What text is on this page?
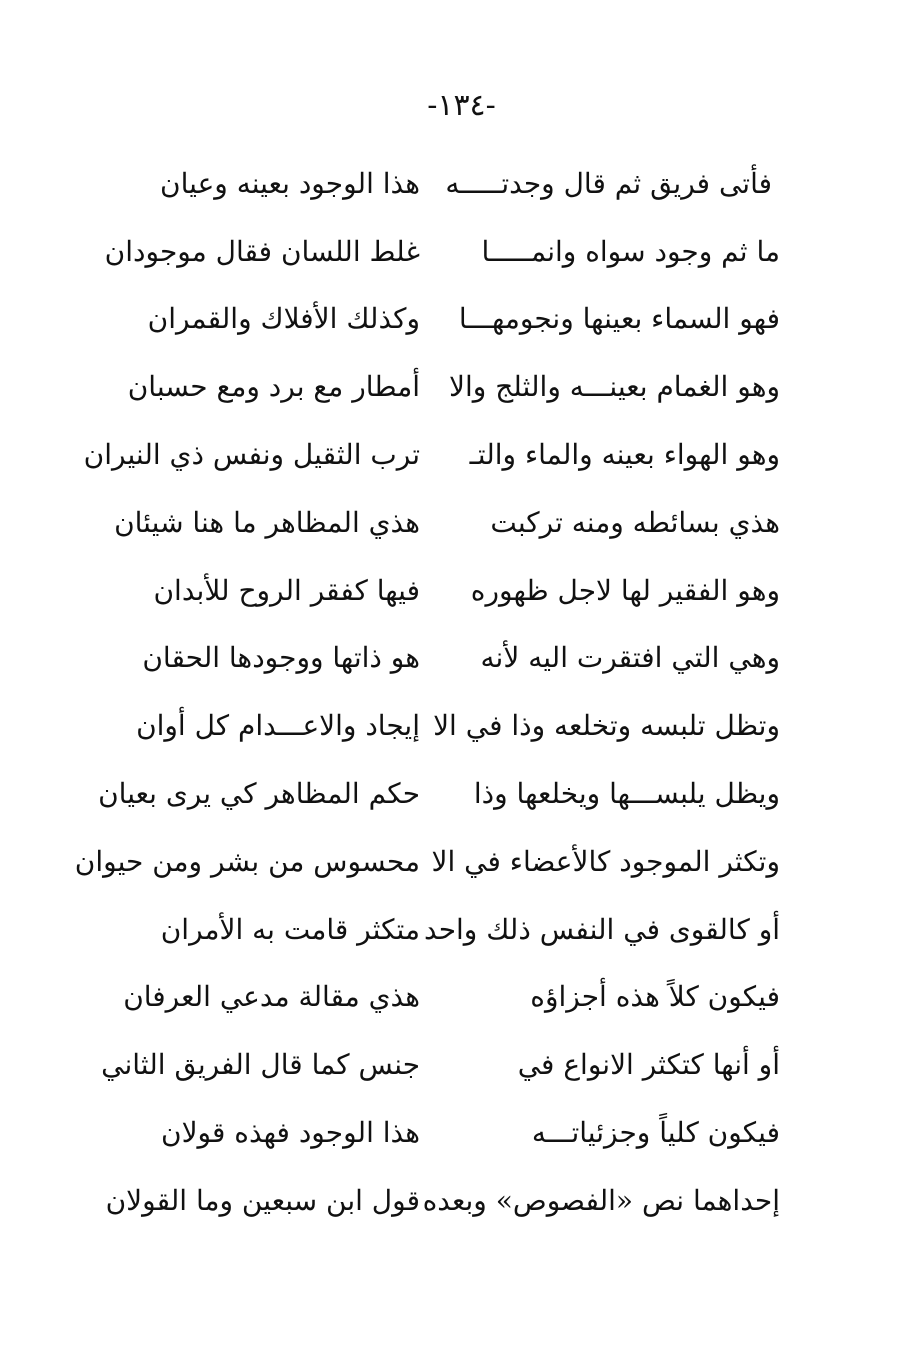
-١٣٤-
فأتى فريق ثم قال وجدتـــــه
هذا الوجود بعينه وعيان
ما ثم وجود سواه وانمـــــا
غلط اللسان فقال موجودان
فهو السماء بعينها ونجومهـــا
وكذلك الأفلاك والقمران
وهو الغمام بعينـــه والثلج والا
أمطار مع برد ومع حسبان
وهو الهواء بعينه والماء والتـ
ترب الثقيل ونفس ذي النيران
هذي بسائطه ومنه تركبت
هذي المظاهر ما هنا شيئان
وهو الفقير لها لاجل ظهوره
فيها كفقر الروح للأبدان
وهي التي افتقرت اليه لأنه
هو ذاتها ووجودها الحقان
وتظل تلبسه وتخلعه وذا في الا
إيجاد والاعـــدام كل أوان
ويظل يلبســـها ويخلعها وذا
حكم المظاهر كي يرى بعيان
وتكثر الموجود كالأعضاء في الا
محسوس من بشر ومن حيوان
أو كالقوى في النفس ذلك واحد
متكثر قامت به الأمران
فيكون كلاً هذه أجزاؤه
هذي مقالة مدعي العرفان
أو أنها كتكثر الانواع في
جنس كما قال الفريق الثاني
فيكون كلياً وجزئياتـــه
هذا الوجود فهذه قولان
إحداهما نص «الفصوص» وبعده
قول ابن سبعين وما القولان
